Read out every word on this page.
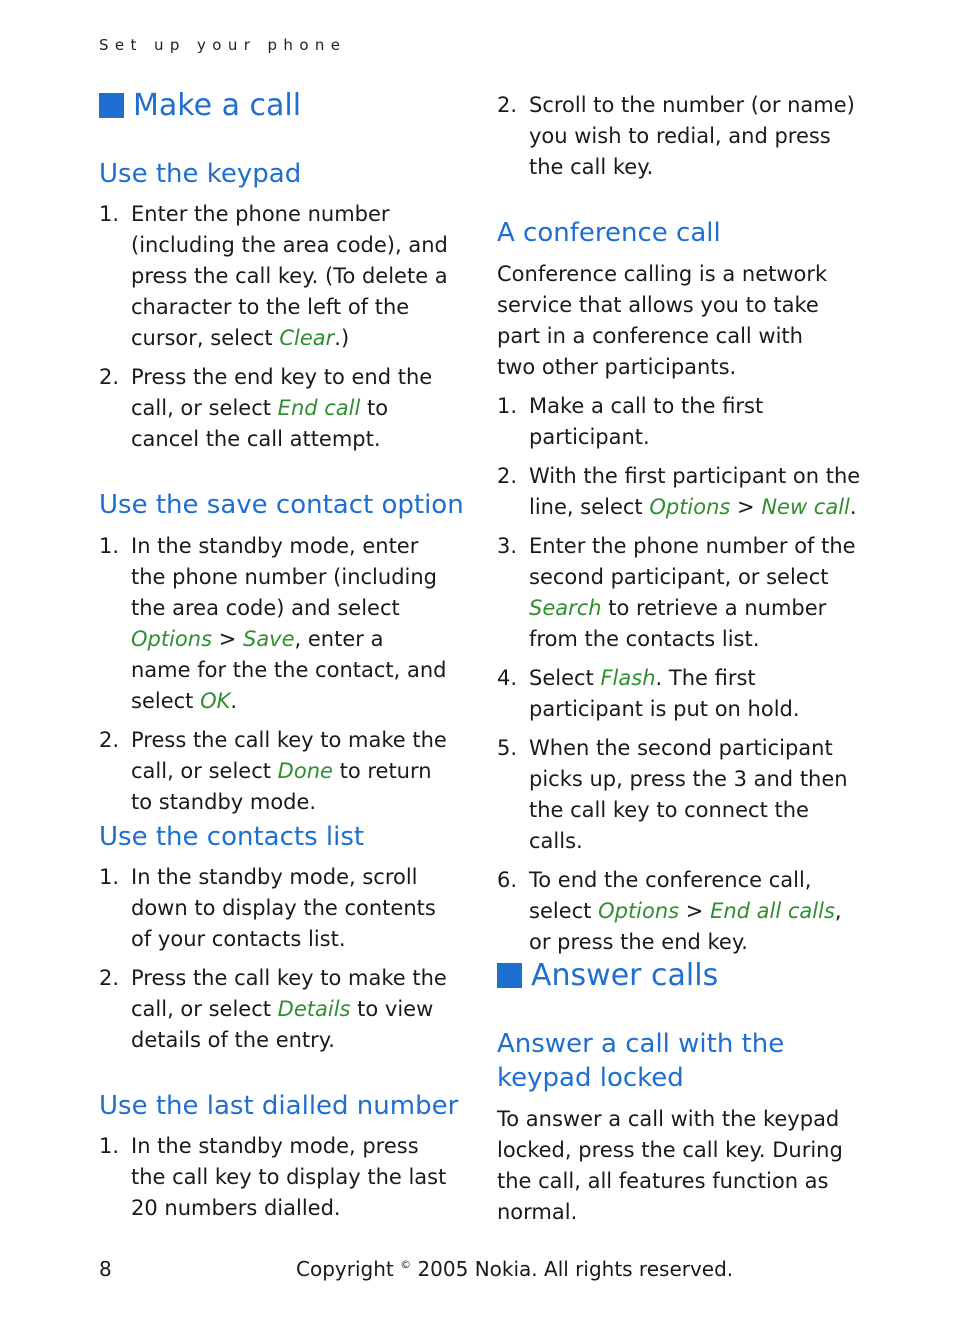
Set up your phone
Make a call
Use the keypad
1. Enter the phone number (including the area code), and press the call key. (To delete a character to the left of the cursor, select Clear.)
2. Press the end key to end the call, or select End call to cancel the call attempt.
Use the save contact option
1. In the standby mode, enter the phone number (including the area code) and select Options > Save, enter a name for the the contact, and select OK.
2. Press the call key to make the call, or select Done to return to standby mode.
Use the contacts list
1. In the standby mode, scroll down to display the contents of your contacts list.
2. Press the call key to make the call, or select Details to view details of the entry.
Use the last dialled number
1. In the standby mode, press the call key to display the last 20 numbers dialled.
2. Scroll to the number (or name) you wish to redial, and press the call key.
A conference call

Conference calling is a network service that allows you to take part in a conference call with two other participants.

1. Make a call to the first participant.
2. With the first participant on the line, select Options > New call.
3. Enter the phone number of the second participant, or select Search to retrieve a number from the contacts list.
4. Select Flash. The first participant is put on hold.
5. When the second participant picks up, press the 3 and then the call key to connect the calls.
6. To end the conference call, select Options > End all calls, or press the end key.
Answer calls
Answer a call with the
keypad locked

To answer a call with the keypad locked, press the call key. During the call, all features function as normal.

8	Copyright © 2005 Nokia. All rights reserved.
